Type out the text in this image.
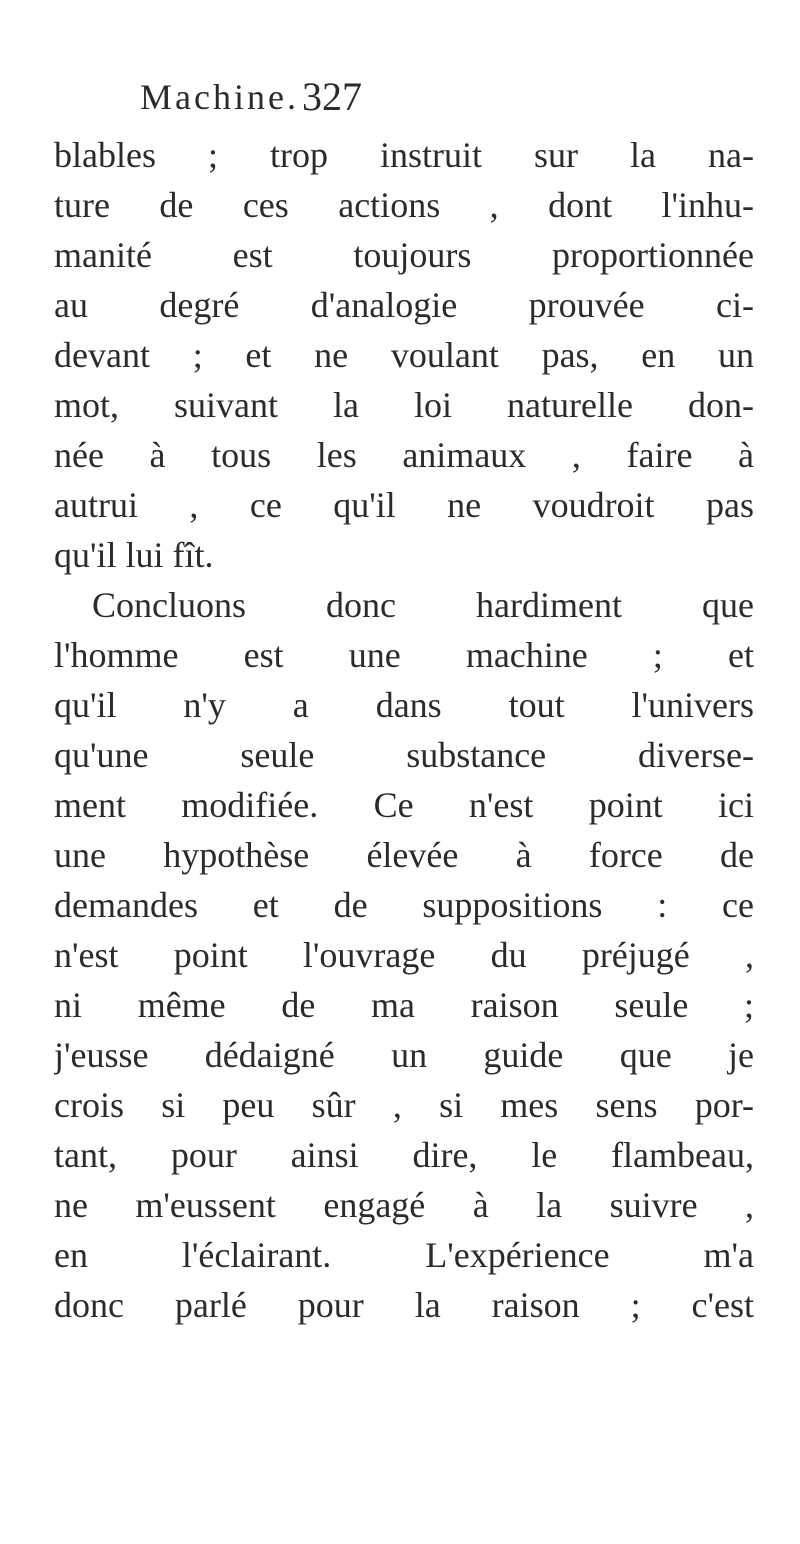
Machine. 327
blables ; trop instruit sur la na-
ture de ces actions , dont l'inhu-
manité est toujours proportionnée
au degré d'analogie prouvée ci-
devant ; et ne voulant pas, en un
mot, suivant la loi naturelle don-
née à tous les animaux , faire à
autrui , ce qu'il ne voudroit pas
qu'il lui fît.
Concluons donc hardiment que
l'homme est une machine ; et
qu'il n'y a dans tout l'univers
qu'une seule substance diverse-
ment modifiée. Ce n'est point ici
une hypothèse élevée à force de
demandes et de suppositions : ce
n'est point l'ouvrage du préjugé ,
ni même de ma raison seule ;
j'eusse dédaigné un guide que je
crois si peu sûr , si mes sens por-
tant, pour ainsi dire, le flambeau,
ne m'eussent engagé à la suivre ,
en l'éclairant. L'expérience m'a
donc parlé pour la raison ; c'est
